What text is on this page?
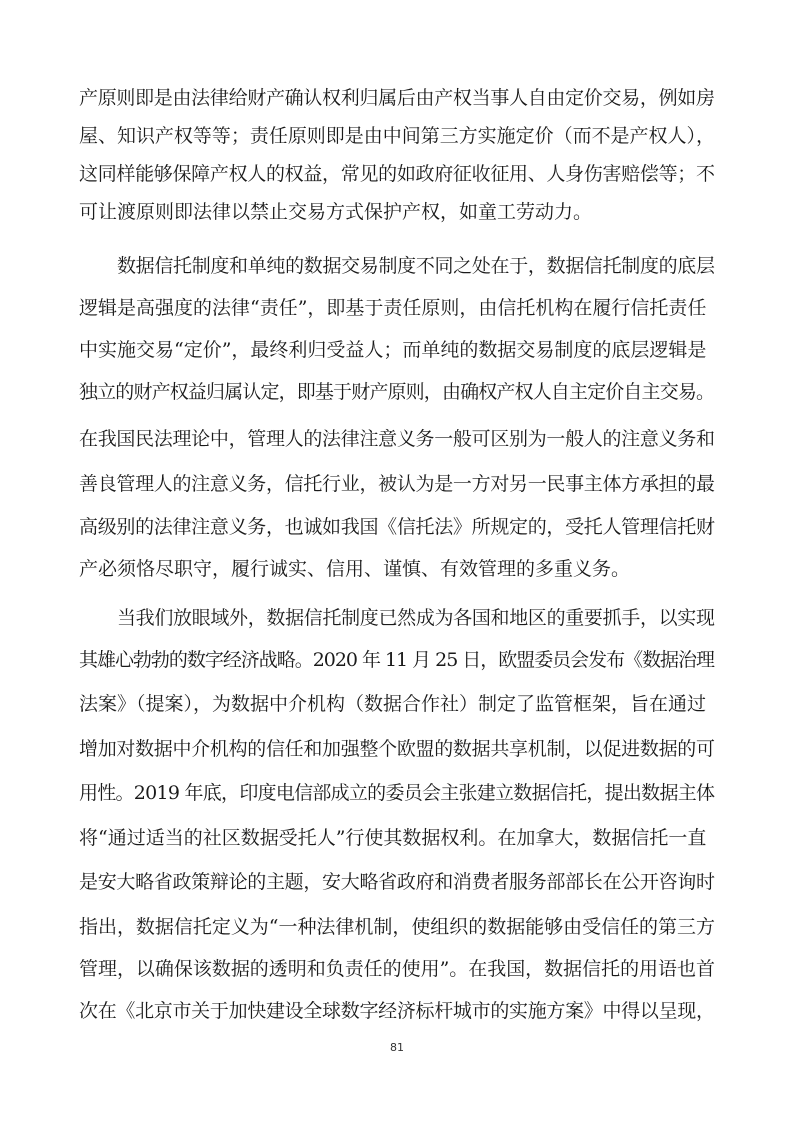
产原则即是由法律给财产确认权利归属后由产权当事人自由定价交易，例如房
屋、知识产权等等；责任原则即是由中间第三方实施定价（而不是产权人），
这同样能够保障产权人的权益，常见的如政府征收征用、人身伤害赔偿等；不
可让渡原则即法律以禁止交易方式保护产权，如童工劳动力。
数据信托制度和单纯的数据交易制度不同之处在于，数据信托制度的底层
逻辑是高强度的法律“责任”，即基于责任原则，由信托机构在履行信托责任
中实施交易“定价”，最终利归受益人；而单纯的数据交易制度的底层逻辑是
独立的财产权益归属认定，即基于财产原则，由确权产权人自主定价自主交易。
在我国民法理论中，管理人的法律注意义务一般可区别为一般人的注意义务和
善良管理人的注意义务，信托行业，被认为是一方对另一民事主体方承担的最
高级别的法律注意义务，也诚如我国《信托法》所规定的，受托人管理信托财
产必须恪尽职守，履行诚实、信用、谨慎、有效管理的多重义务。
当我们放眼域外，数据信托制度已然成为各国和地区的重要抓手，以实现
其雄心勃勃的数字经济战略。2020 年 11 月 25 日，欧盟委员会发布《数据治理
法案》（提案），为数据中介机构（数据合作社）制定了监管框架，旨在通过
增加对数据中介机构的信任和加强整个欧盟的数据共享机制，以促进数据的可
用性。2019 年底，印度电信部成立的委员会主张建立数据信托，提出数据主体
将“通过适当的社区数据受托人”行使其数据权利。在加拿大，数据信托一直
是安大略省政策辩论的主题，安大略省政府和消费者服务部部长在公开咨询时
指出，数据信托定义为“一种法律机制，使组织的数据能够由受信任的第三方
管理，以确保该数据的透明和负责任的使用”。在我国，数据信托的用语也首
次在《北京市关于加快建设全球数字经济标杆城市的实施方案》中得以呈现，
81
